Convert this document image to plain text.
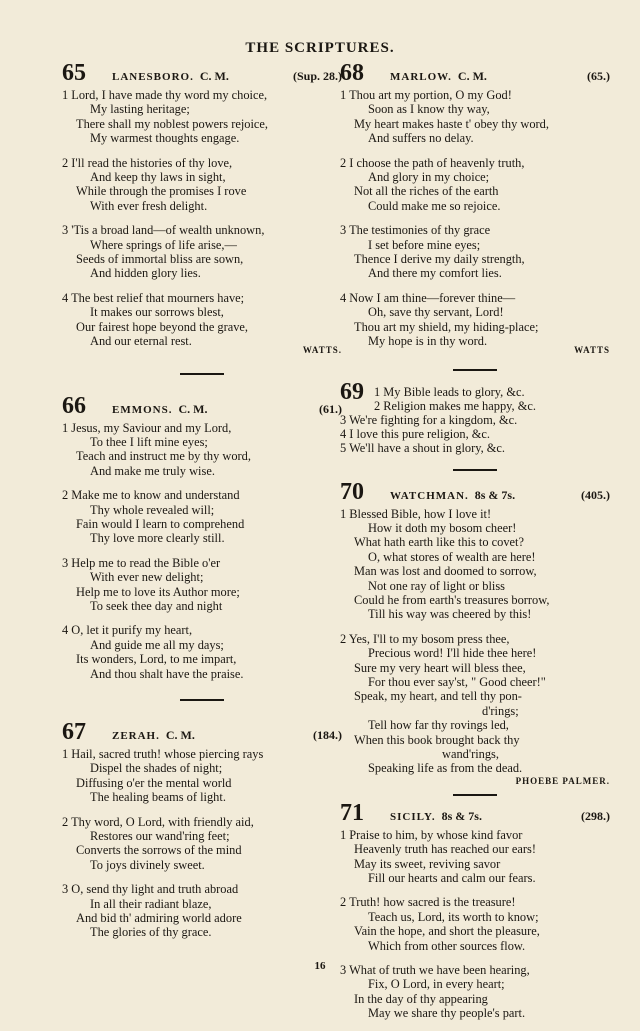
THE SCRIPTURES.
65	LANESBORO. C. M.	(Sup. 28.)
1 Lord, I have made thy word my choice,
My lasting heritage;
There shall my noblest powers rejoice,
My warmest thoughts engage.
2 I'll read the histories of thy love,
And keep thy laws in sight,
While through the promises I rove
With ever fresh delight.
3 'Tis a broad land—of wealth unknown,
Where springs of life arise,—
Seeds of immortal bliss are sown,
And hidden glory lies.
4 The best relief that mourners have;
It makes our sorrows blest,
Our fairest hope beyond the grave,
And our eternal rest.
WATTS.
66	EMMONS. C. M.	(61.)
1 Jesus, my Saviour and my Lord,
To thee I lift mine eyes;
Teach and instruct me by thy word,
And make me truly wise.
2 Make me to know and understand
Thy whole revealed will;
Fain would I learn to comprehend
Thy love more clearly still.
3 Help me to read the Bible o'er
With ever new delight;
Help me to love its Author more;
To seek thee day and night
4 O, let it purify my heart,
And guide me all my days;
Its wonders, Lord, to me impart,
And thou shalt have the praise.
67	ZERAH. C. M.	(184.)
1 Hail, sacred truth! whose piercing rays
Dispel the shades of night;
Diffusing o'er the mental world
The healing beams of light.
2 Thy word, O Lord, with friendly aid,
Restores our wand'ring feet;
Converts the sorrows of the mind
To joys divinely sweet.
3 O, send thy light and truth abroad
In all their radiant blaze,
And bid th' admiring world adore
The glories of thy grace.
68	MARLOW. C. M.	(65.)
1 Thou art my portion, O my God!
Soon as I know thy way,
My heart makes haste t' obey thy word,
And suffers no delay.
2 I choose the path of heavenly truth,
And glory in my choice;
Not all the riches of the earth
Could make me so rejoice.
3 The testimonies of thy grace
I set before mine eyes;
Thence I derive my daily strength,
And there my comfort lies.
4 Now I am thine—forever thine—
Oh, save thy servant, Lord!
Thou art my shield, my hiding-place;
My hope is in thy word.
WATTS
69 1 My Bible leads to glory, &c.
2 Religion makes me happy, &c.
3 We're fighting for a kingdom, &c.
4 I love this pure religion, &c.
5 We'll have a shout in glory, &c.
70	WATCHMAN. 8s & 7s.	(405.)
1 Blessed Bible, how I love it!
How it doth my bosom cheer!
What hath earth like this to covet?
O, what stores of wealth are here!
Man was lost and doomed to sorrow,
Not one ray of light or bliss
Could he from earth's treasures borrow,
Till his way was cheered by this!
2 Yes, I'll to my bosom press thee,
Precious word! I'll hide thee here!
Sure my very heart will bless thee,
For thou ever say'st, " Good cheer!"
Speak, my heart, and tell thy pon-
d'rings;
Tell how far thy rovings led,
When this book brought back thy
wand'rings,
Speaking life as from the dead.
PHOEBE PALMER.
71	SICILY. 8s & 7s.	(298.)
1 Praise to him, by whose kind favor
Heavenly truth has reached our ears!
May its sweet, reviving savor
Fill our hearts and calm our fears.
2 Truth! how sacred is the treasure!
Teach us, Lord, its worth to know;
Vain the hope, and short the pleasure,
Which from other sources flow.
3 What of truth we have been hearing,
Fix, O Lord, in every heart;
In the day of thy appearing
May we share thy people's part.
16
